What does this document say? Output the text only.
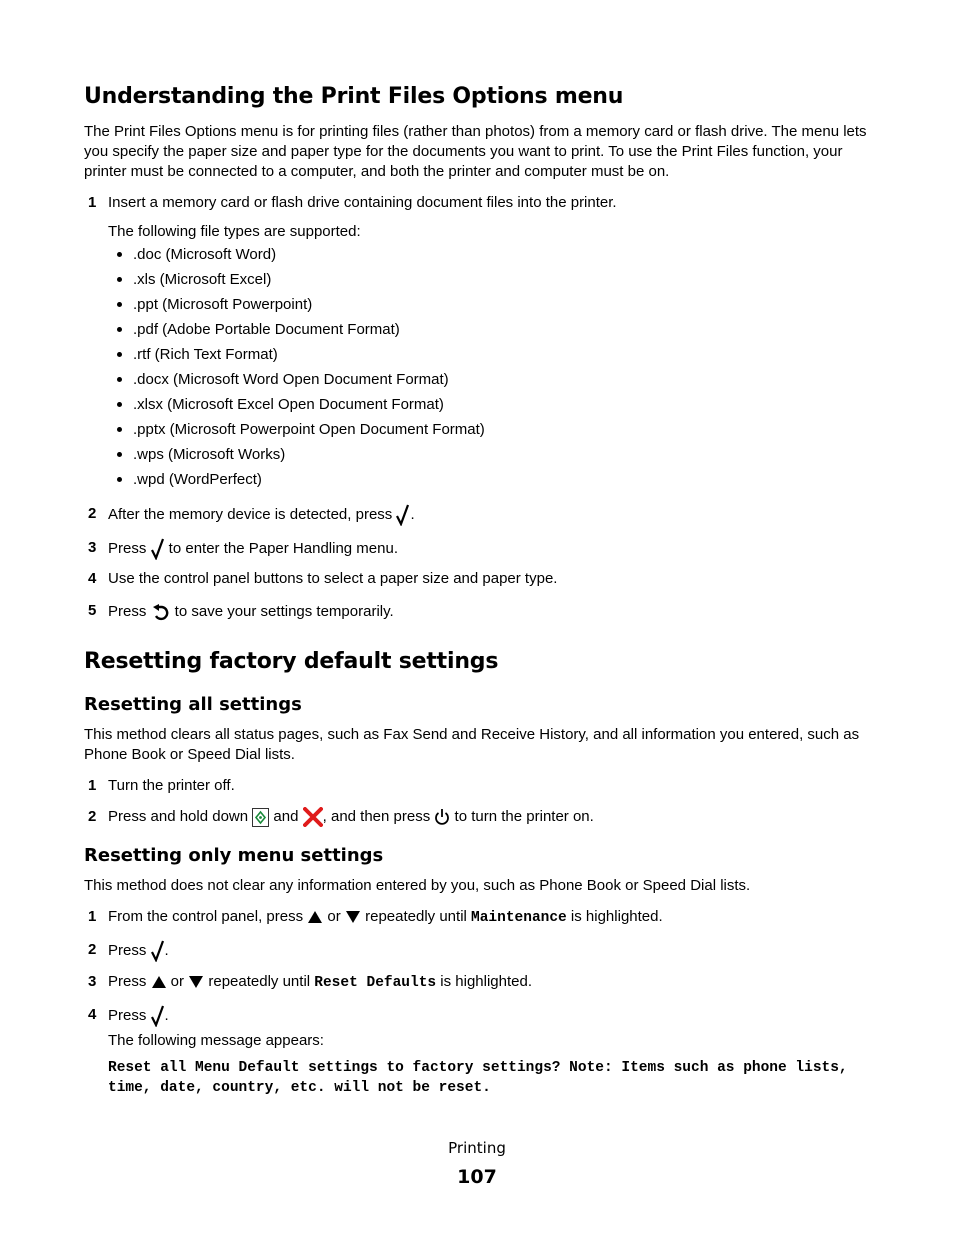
Understanding the Print Files Options menu

The Print Files Options menu is for printing files (rather than photos) from a memory card or flash drive. The menu lets you specify the paper size and paper type for the documents you want to print. To use the Print Files function, your printer must be connected to a computer, and both the printer and computer must be on.

1 Insert a memory card or flash drive containing document files into the printer.
The following file types are supported:
.doc (Microsoft Word)
.xls (Microsoft Excel)
.ppt (Microsoft Powerpoint)
.pdf (Adobe Portable Document Format)
.rtf (Rich Text Format)
.docx (Microsoft Word Open Document Format)
.xlsx (Microsoft Excel Open Document Format)
.pptx (Microsoft Powerpoint Open Document Format)
.wps (Microsoft Works)
.wpd (WordPerfect)
2 After the memory device is detected, press .
3 Press  to enter the Paper Handling menu.
4 Use the control panel buttons to select a paper size and paper type.
5 Press  to save your settings temporarily.
Resetting factory default settings
Resetting all settings

This method clears all status pages, such as Fax Send and Receive History, and all information you entered, such as Phone Book or Speed Dial lists.

1 Turn the printer off.
2 Press and hold down  and , and then press  to turn the printer on.
Resetting only menu settings

This method does not clear any information entered by you, such as Phone Book or Speed Dial lists.

1 From the control panel, press  or  repeatedly until Maintenance is highlighted.
2 Press .
3 Press  or  repeatedly until Reset Defaults is highlighted.
4 Press .
The following message appears:
Reset all Menu Default settings to factory settings? Note: Items such as phone lists, time, date, country, etc. will not be reset.
Printing
107
